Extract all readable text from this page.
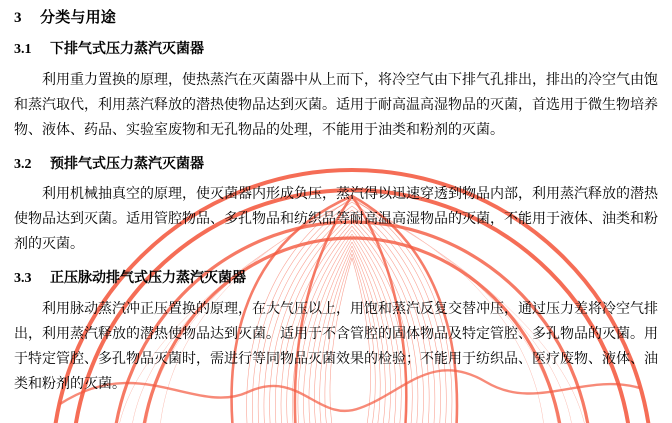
3 分类与用途
3.1 下排气式压力蒸汽灭菌器

利用重力置换的原理，使热蒸汽在灭菌器中从上而下，将冷空气由下排气孔排出，排出的冷空气由饱和蒸汽取代，利用蒸汽释放的潜热使物品达到灭菌。适用于耐高温高湿物品的灭菌，首选用于微生物培养物、液体、药品、实验室废物和无孔物品的处理，不能用于油类和粉剂的灭菌。

3.2 预排气式压力蒸汽灭菌器

利用机械抽真空的原理，使灭菌器内形成负压，蒸汽得以迅速穿透到物品内部，利用蒸汽释放的潜热使物品达到灭菌。适用管腔物品、多孔物品和纺织品等耐高温高湿物品的灭菌，不能用于液体、油类和粉剂的灭菌。

3.3 正压脉动排气式压力蒸汽灭菌器

利用脉动蒸汽冲正压置换的原理，在大气压以上，用饱和蒸汽反复交替冲压，通过压力差将冷空气排出，利用蒸汽释放的潜热使物品达到灭菌。适用于不含管腔的固体物品及特定管腔、多孔物品的灭菌。用于特定管腔、多孔物品灭菌时，需进行等同物品灭菌效果的检验；不能用于纺织品、医疗废物、液体、油类和粉剂的灭菌。
